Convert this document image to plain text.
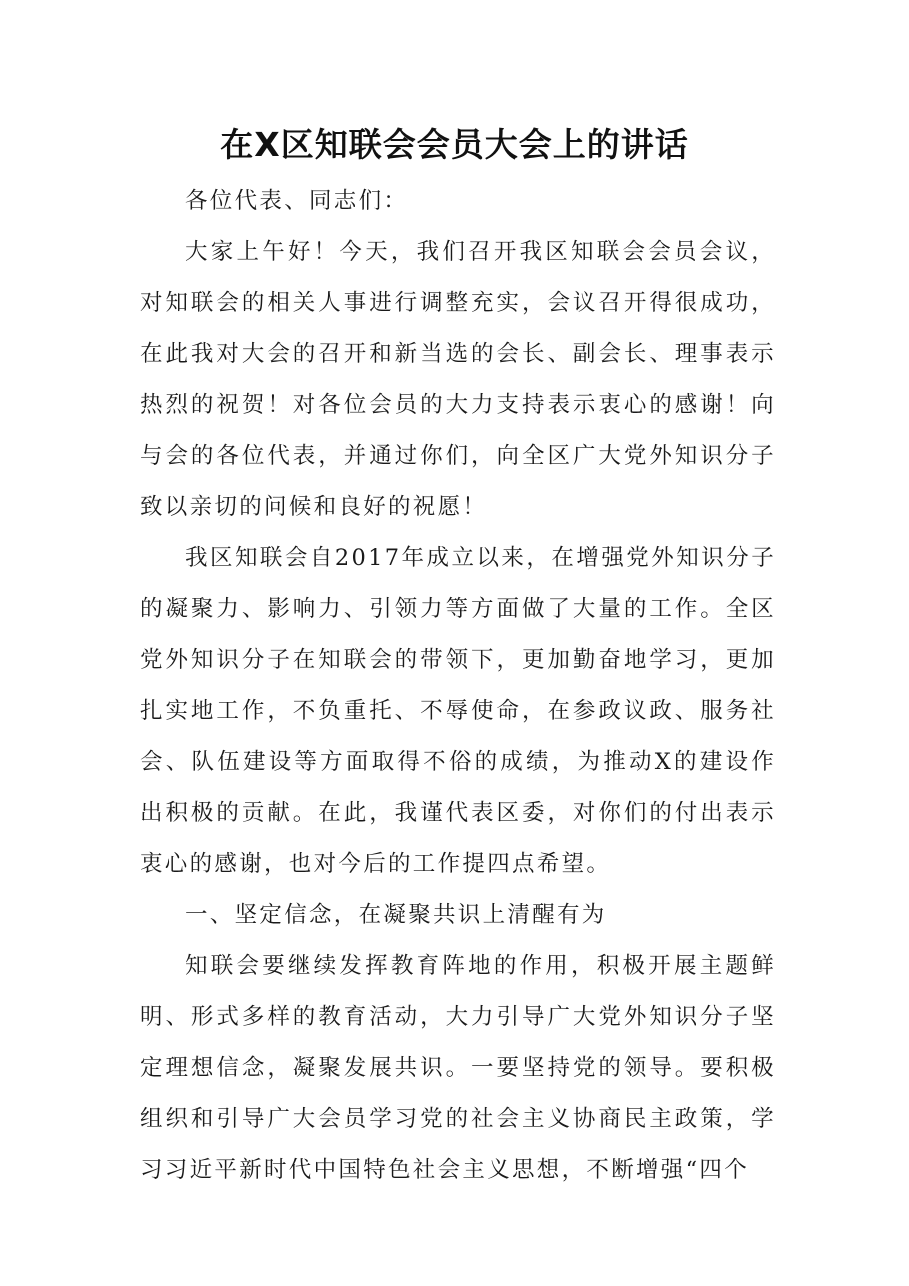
在X区知联会会员大会上的讲话

各位代表、同志们：

大家上午好！今天，我们召开我区知联会会员会议，对知联会的相关人事进行调整充实，会议召开得很成功，在此我对大会的召开和新当选的会长、副会长、理事表示热烈的祝贺！对各位会员的大力支持表示衷心的感谢！向与会的各位代表，并通过你们，向全区广大党外知识分子致以亲切的问候和良好的祝愿！

我区知联会自2017年成立以来，在增强党外知识分子的凝聚力、影响力、引领力等方面做了大量的工作。全区党外知识分子在知联会的带领下，更加勤奋地学习，更加扎实地工作，不负重托、不辱使命，在参政议政、服务社会、队伍建设等方面取得不俗的成绩，为推动X的建设作出积极的贡献。在此，我谨代表区委，对你们的付出表示衷心的感谢，也对今后的工作提四点希望。

一、坚定信念，在凝聚共识上清醒有为

知联会要继续发挥教育阵地的作用，积极开展主题鲜明、形式多样的教育活动，大力引导广大党外知识分子坚定理想信念，凝聚发展共识。一要坚持党的领导。要积极组织和引导广大会员学习党的社会主义协商民主政策，学习习近平新时代中国特色社会主义思想，不断增强“四个
